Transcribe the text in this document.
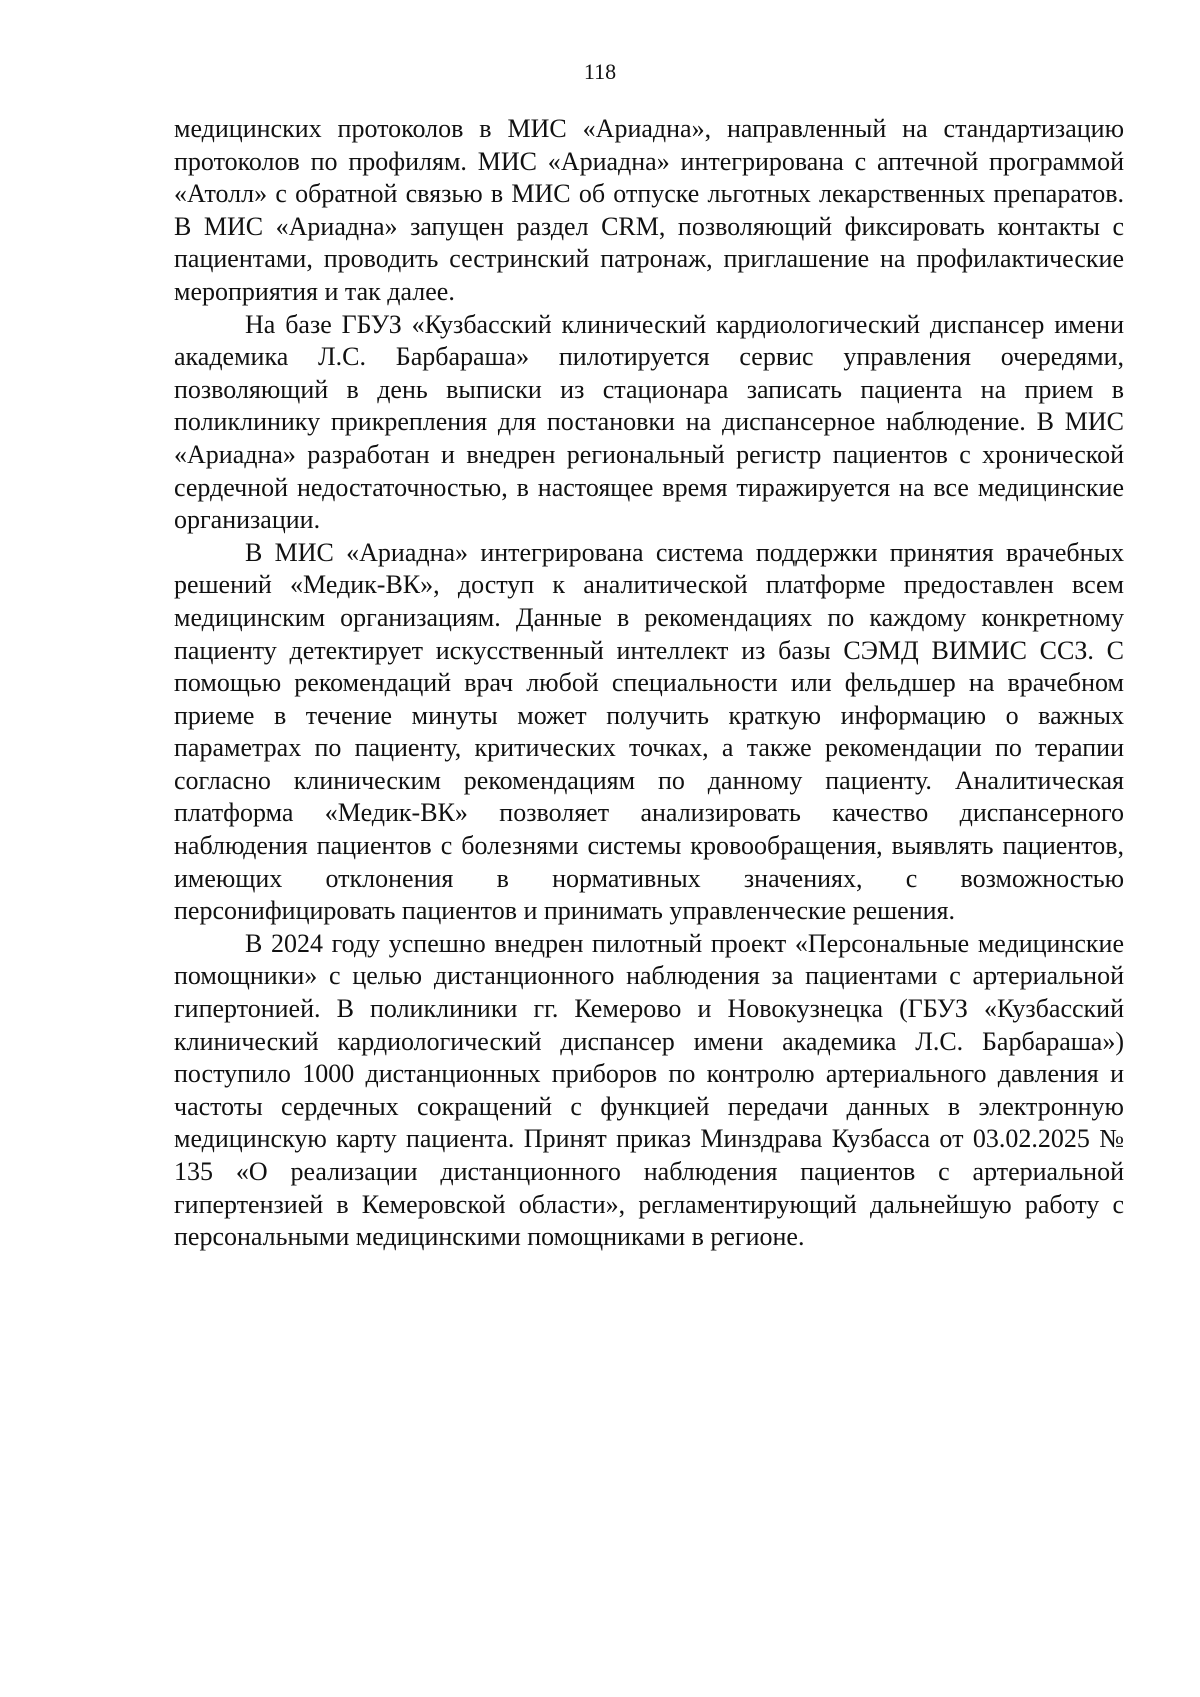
118

медицинских протоколов в МИС «Ариадна», направленный на стандартизацию протоколов по профилям. МИС «Ариадна» интегрирована с аптечной программой «Атолл» с обратной связью в МИС об отпуске льготных лекарственных препаратов. В МИС «Ариадна» запущен раздел CRM, позволяющий фиксировать контакты с пациентами, проводить сестринский патронаж, приглашение на профилактические мероприятия и так далее.

На базе ГБУЗ «Кузбасский клинический кардиологический диспансер имени академика Л.С. Барбараша» пилотируется сервис управления очередями, позволяющий в день выписки из стационара записать пациента на прием в поликлинику прикрепления для постановки на диспансерное наблюдение. В МИС «Ариадна» разработан и внедрен региональный регистр пациентов с хронической сердечной недостаточностью, в настоящее время тиражируется на все медицинские организации.

В МИС «Ариадна» интегрирована система поддержки принятия врачебных решений «Медик-ВК», доступ к аналитической платформе предоставлен всем медицинским организациям. Данные в рекомендациях по каждому конкретному пациенту детектирует искусственный интеллект из базы СЭМД ВИМИС ССЗ. С помощью рекомендаций врач любой специальности или фельдшер на врачебном приеме в течение минуты может получить краткую информацию о важных параметрах по пациенту, критических точках, а также рекомендации по терапии согласно клиническим рекомендациям по данному пациенту. Аналитическая платформа «Медик-ВК» позволяет анализировать качество диспансерного наблюдения пациентов с болезнями системы кровообращения, выявлять пациентов, имеющих отклонения в нормативных значениях, с возможностью персонифицировать пациентов и принимать управленческие решения.

В 2024 году успешно внедрен пилотный проект «Персональные медицинские помощники» с целью дистанционного наблюдения за пациентами с артериальной гипертонией. В поликлиники гг. Кемерово и Новокузнецка (ГБУЗ «Кузбасский клинический кардиологический диспансер имени академика Л.С. Барбараша») поступило 1000 дистанционных приборов по контролю артериального давления и частоты сердечных сокращений с функцией передачи данных в электронную медицинскую карту пациента. Принят приказ Минздрава Кузбасса от 03.02.2025 № 135 «О реализации дистанционного наблюдения пациентов с артериальной гипертензией в Кемеровской области», регламентирующий дальнейшую работу с персональными медицинскими помощниками в регионе.
